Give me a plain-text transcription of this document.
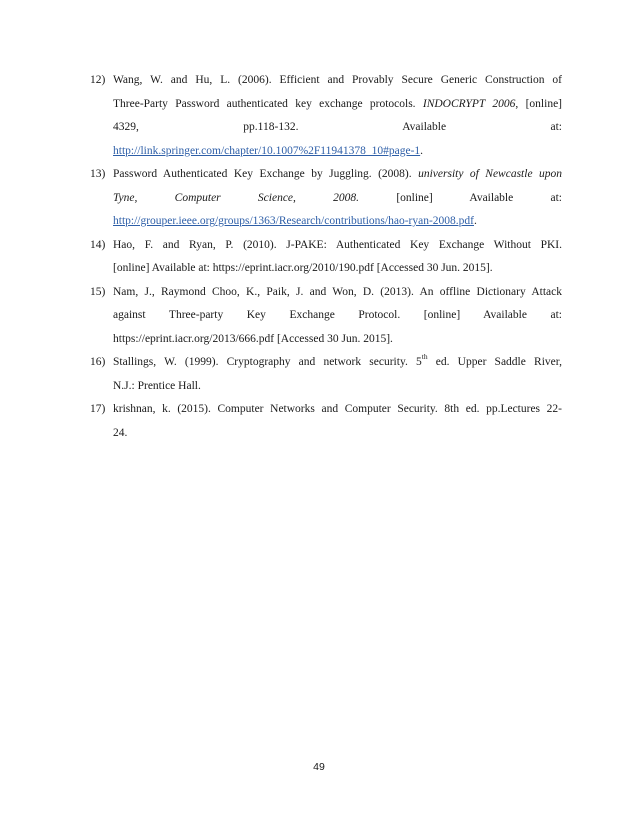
12) Wang, W. and Hu, L. (2006). Efficient and Provably Secure Generic Construction of
Three-Party Password authenticated key exchange protocols. INDOCRYPT 2006, [online]
4329, pp.118-132. Available at:
http://link.springer.com/chapter/10.1007%2F11941378_10#page-1.
13) Password Authenticated Key Exchange by Juggling. (2008). university of Newcastle upon
Tyne, Computer Science, 2008. [online] Available at:
http://grouper.ieee.org/groups/1363/Research/contributions/hao-ryan-2008.pdf.
14) Hao, F. and Ryan, P. (2010). J-PAKE: Authenticated Key Exchange Without PKI.
[online] Available at: https://eprint.iacr.org/2010/190.pdf [Accessed 30 Jun. 2015].
15) Nam, J., Raymond Choo, K., Paik, J. and Won, D. (2013). An offline Dictionary Attack
against Three-party Key Exchange Protocol. [online] Available at:
https://eprint.iacr.org/2013/666.pdf [Accessed 30 Jun. 2015].
16) Stallings, W. (1999). Cryptography and network security. 5th ed. Upper Saddle River,
N.J.: Prentice Hall.
17) krishnan, k. (2015). Computer Networks and Computer Security. 8th ed. pp.Lectures 22-
24.
49
